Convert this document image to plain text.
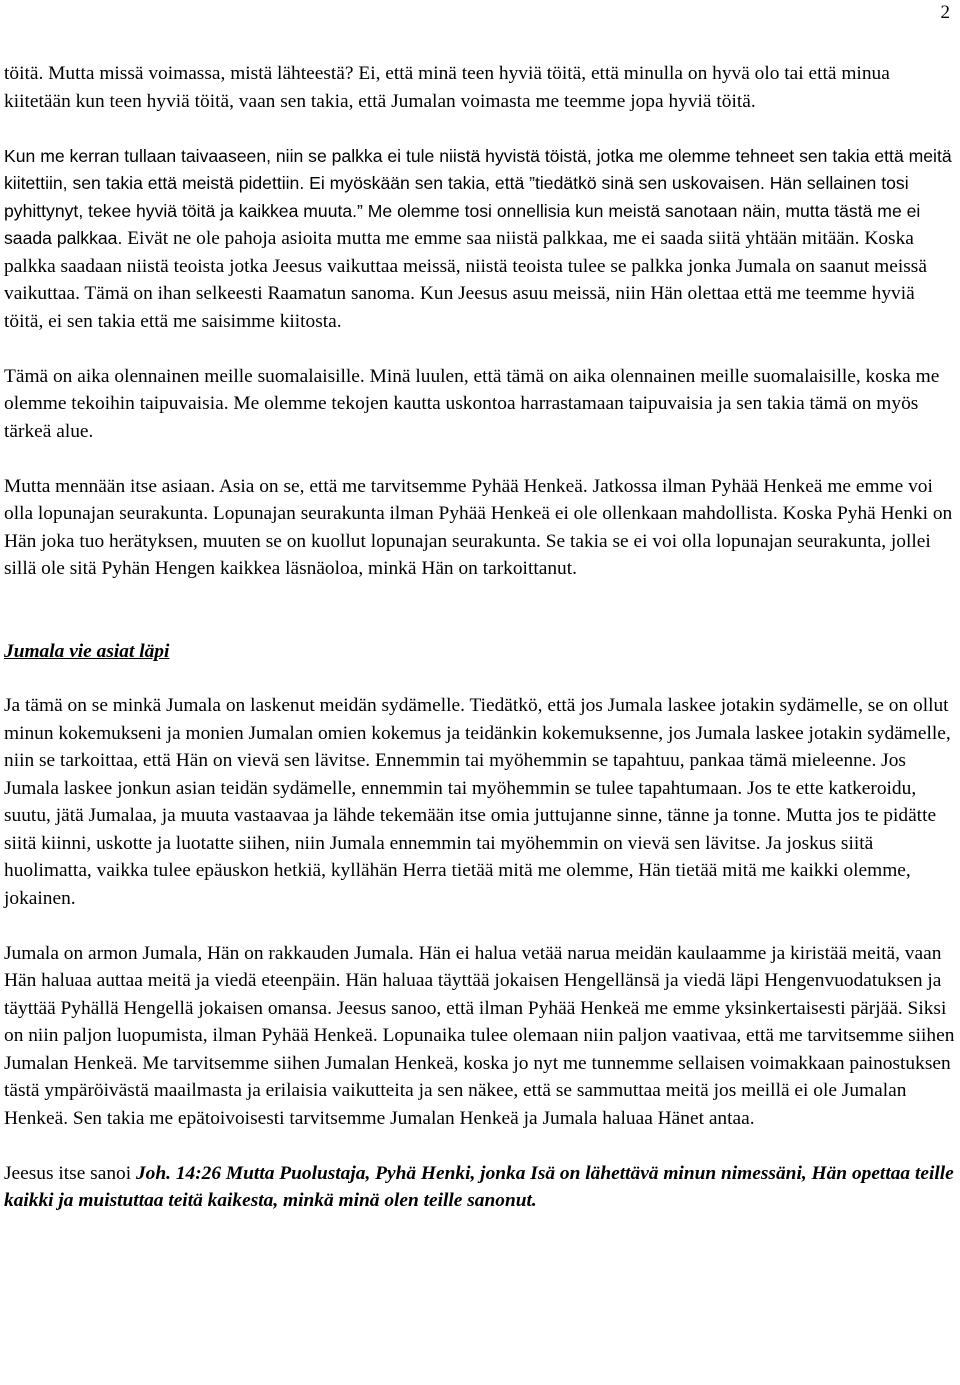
2

töitä. Mutta missä voimassa, mistä lähteestä? Ei, että minä teen hyviä töitä, että minulla on hyvä olo tai että minua kiitetään kun teen hyviä töitä, vaan sen takia, että Jumalan voimasta me teemme jopa hyviä töitä.

Kun me kerran tullaan taivaaseen, niin se palkka ei tule niistä hyvistä töistä, jotka me olemme tehneet sen takia että meitä kiitettiin, sen takia että meistä pidettiin. Ei myöskään sen takia, että ”tiedätkö sinä sen uskovaisen. Hän sellainen tosi pyhittynyt, tekee hyviä töitä ja kaikkea muuta.” Me olemme tosi onnellisia kun meistä sanotaan näin, mutta tästä me ei saada palkkaa. Eivät ne ole pahoja asioita mutta me emme saa niistä palkkaa, me ei saada siitä yhtään mitään. Koska palkka saadaan niistä teoista jotka Jeesus vaikuttaa meissä, niistä teoista tulee se palkka jonka Jumala on saanut meissä vaikuttaa. Tämä on ihan selkeesti Raamatun sanoma. Kun Jeesus asuu meissä, niin Hän olettaa että me teemme hyviä töitä, ei sen takia että me saisimme kiitosta.

Tämä on aika olennainen meille suomalaisille. Minä luulen, että tämä on aika olennainen meille suomalaisille, koska me olemme tekoihin taipuvaisia. Me olemme tekojen kautta uskontoa harrastamaan taipuvaisia ja sen takia tämä on myös tärkeä alue.

Mutta mennään itse asiaan. Asia on se, että me tarvitsemme Pyhää Henkeä. Jatkossa ilman Pyhää Henkeä me emme voi olla lopunajan seurakunta. Lopunajan seurakunta ilman Pyhää Henkeä ei ole ollenkaan mahdollista. Koska Pyhä Henki on Hän joka tuo herätyksen, muuten se on kuollut lopunajan seurakunta. Se takia se ei voi olla lopunajan seurakunta, jollei sillä ole sitä Pyhän Hengen kaikkea läsnäoloa, minkä Hän on tarkoittanut.

Jumala vie asiat läpi

Ja tämä on se minkä Jumala on laskenut meidän sydämelle. Tiedätkö, että jos Jumala laskee jotakin sydämelle, se on ollut minun kokemukseni ja monien Jumalan omien kokemus ja teidänkin kokemuksenne, jos Jumala laskee jotakin sydämelle, niin se tarkoittaa, että Hän on vievä sen lävitse. Ennemmin tai myöhemmin se tapahtuu, pankaa tämä mieleenne. Jos Jumala laskee jonkun asian teidän sydämelle, ennemmin tai myöhemmin se tulee tapahtumaan. Jos te ette katkeroidu, suutu, jätä Jumalaa, ja muuta vastaavaa ja lähde tekemään itse omia juttujanne sinne, tänne ja tonne. Mutta jos te pidätte siitä kiinni, uskotte ja luotatte siihen, niin Jumala ennemmin tai myöhemmin on vievä sen lävitse. Ja joskus siitä huolimatta, vaikka tulee epäuskon hetkiä, kyllähän Herra tietää mitä me olemme, Hän tietää mitä me kaikki olemme, jokainen.

Jumala on armon Jumala, Hän on rakkauden Jumala. Hän ei halua vetää narua meidän kaulaamme ja kiristää meitä, vaan Hän haluaa auttaa meitä ja viedä eteenpäin. Hän haluaa täyttää jokaisen Hengellänsä ja viedä läpi Hengenvuodatuksen ja täyttää Pyhällä Hengellä jokaisen omansa. Jeesus sanoo, että ilman Pyhää Henkeä me emme yksinkertaisesti pärjää. Siksi on niin paljon luopumista, ilman Pyhää Henkeä. Lopunaika tulee olemaan niin paljon vaativaa, että me tarvitsemme siihen Jumalan Henkeä. Me tarvitsemme siihen Jumalan Henkeä, koska jo nyt me tunnemme sellaisen voimakkaan painostuksen tästä ympäröivästä maailmasta ja erilaisia vaikutteita ja sen näkee, että se sammuttaa meitä jos meillä ei ole Jumalan Henkeä. Sen takia me epätoivoisesti tarvitsemme Jumalan Henkeä ja Jumala haluaa Hänet antaa.

Jeesus itse sanoi Joh. 14:26 Mutta Puolustaja, Pyhä Henki, jonka Isä on lähettävä minun nimessäni, Hän opettaa teille kaikki ja muistuttaa teitä kaikesta, minkä minä olen teille sanonut.
